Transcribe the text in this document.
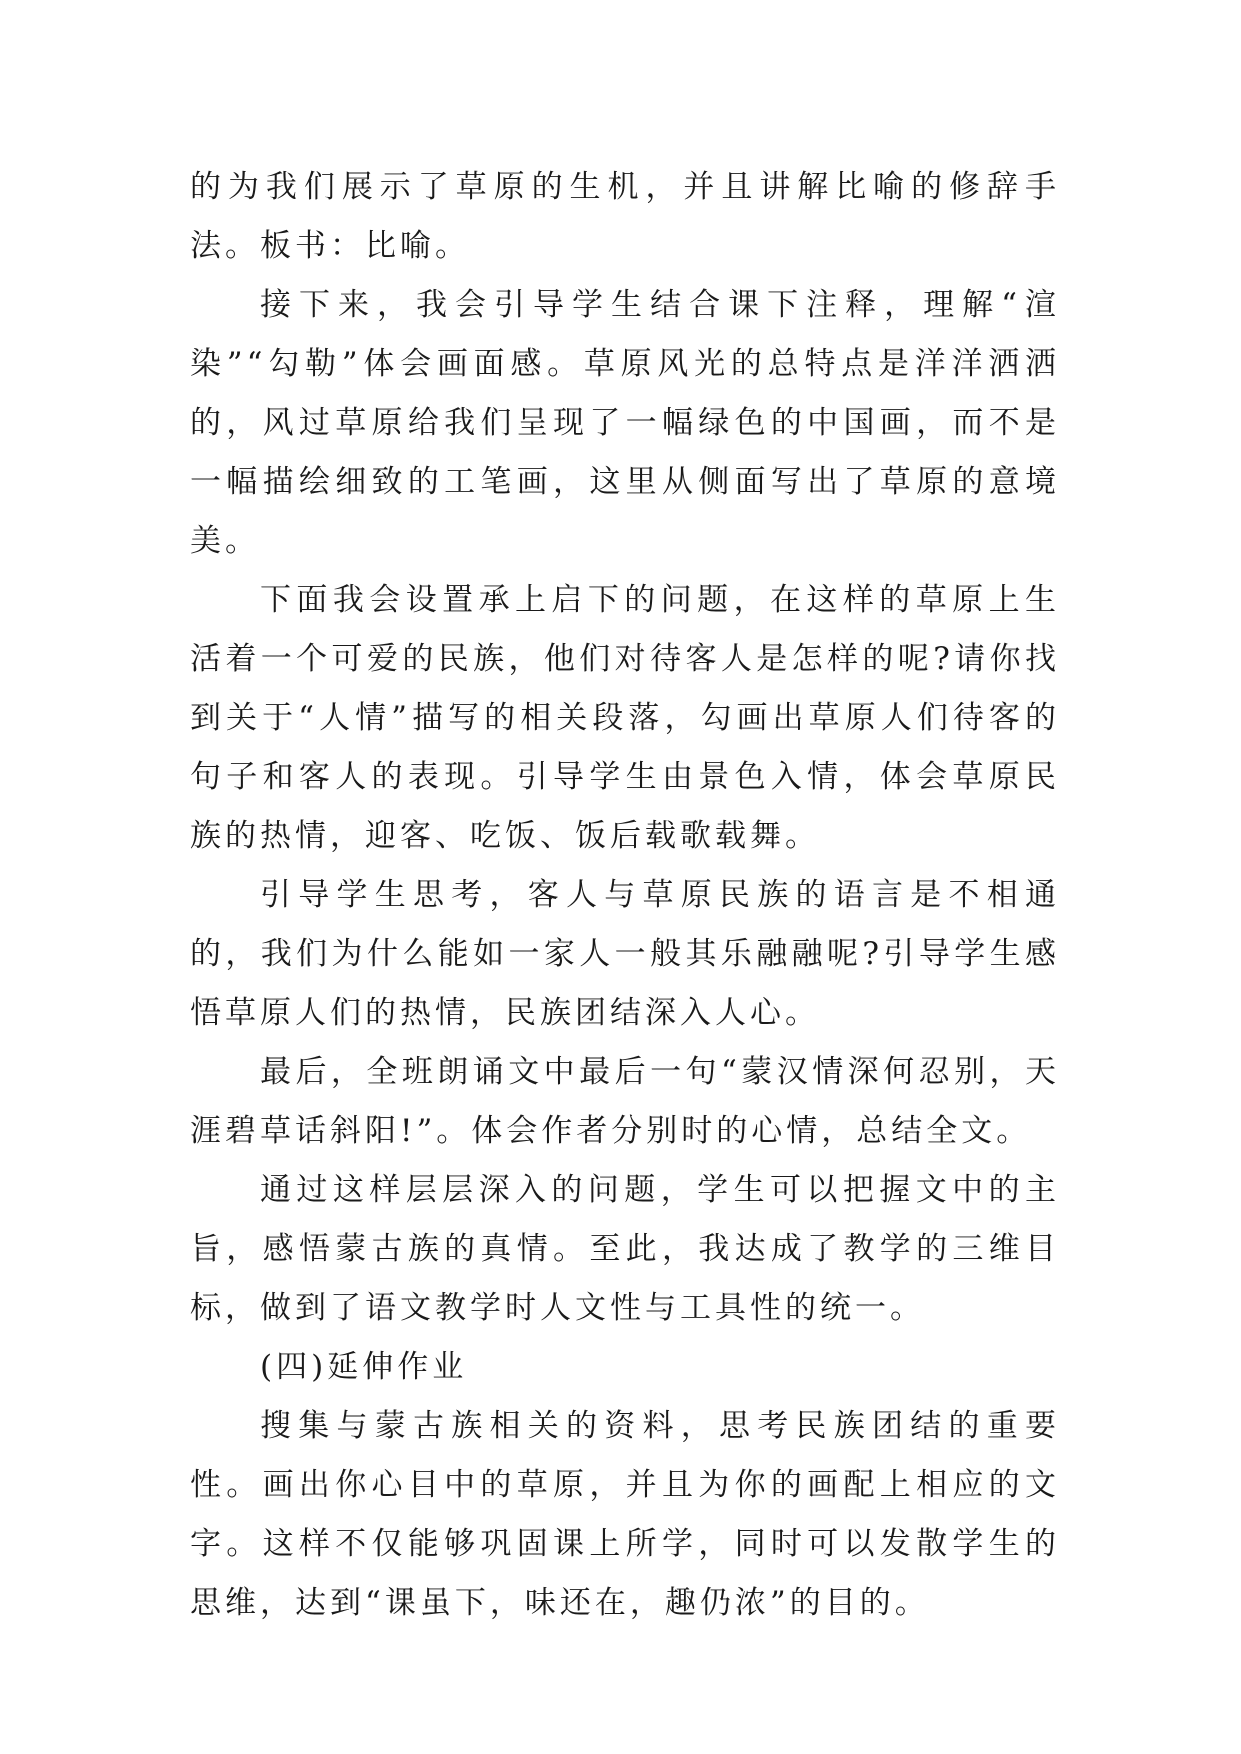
的为我们展示了草原的生机，并且讲解比喻的修辞手法。板书：比喻。

接下来，我会引导学生结合课下注释，理解“渲染”“勾勒”体会画面感。草原风光的总特点是洋洋洒洒的，风过草原给我们呈现了一幅绿色的中国画，而不是一幅描绘细致的工笔画，这里从侧面写出了草原的意境美。

下面我会设置承上启下的问题，在这样的草原上生活着一个可爱的民族，他们对待客人是怎样的呢?请你找到关于“人情”描写的相关段落，勾画出草原人们待客的句子和客人的表现。引导学生由景色入情，体会草原民族的热情，迎客、吃饭、饭后载歌载舞。

引导学生思考，客人与草原民族的语言是不相通的，我们为什么能如一家人一般其乐融融呢?引导学生感悟草原人们的热情，民族团结深入人心。

最后，全班朗诵文中最后一句“蒙汉情深何忍别，天涯碧草话斜阳!”。体会作者分别时的心情，总结全文。

通过这样层层深入的问题，学生可以把握文中的主旨，感悟蒙古族的真情。至此，我达成了教学的三维目标，做到了语文教学时人文性与工具性的统一。

(四)延伸作业

搜集与蒙古族相关的资料，思考民族团结的重要性。画出你心目中的草原，并且为你的画配上相应的文字。这样不仅能够巩固课上所学，同时可以发散学生的思维，达到“课虽下，味还在，趣仍浓”的目的。
